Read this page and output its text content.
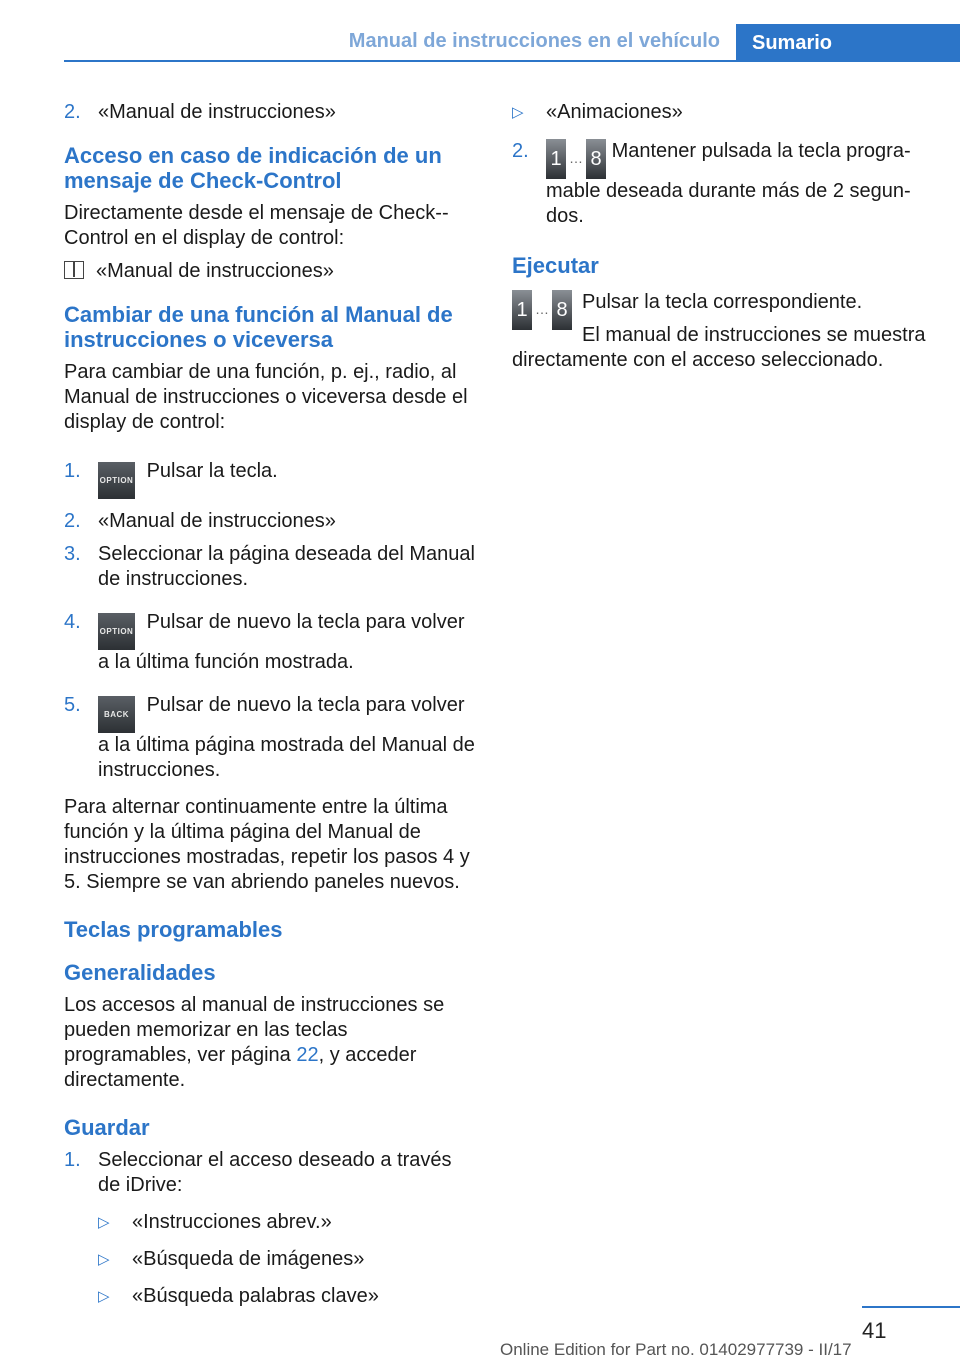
Manual de instrucciones en el vehículo	Sumario
2. «Manual de instrucciones»
Acceso en caso de indicación de un mensaje de Check-Control

Directamente desde el mensaje de Check--Control en el display de control:

«Manual de instrucciones»

Cambiar de una función al Manual de instrucciones o viceversa

Para cambiar de una función, p. ej., radio, al Manual de instrucciones o viceversa desde el display de control:

1. OPTION Pulsar la tecla.
2. «Manual de instrucciones»
3. Seleccionar la página deseada del Manual de instrucciones.
4. OPTION Pulsar de nuevo la tecla para volver a la última función mostrada.
5.	BACK Pulsar de nuevo la tecla para volver a la última página mostrada del Manual de instrucciones.

Para alternar continuamente entre la última función y la última página del Manual de instrucciones mostradas, repetir los pasos 4 y 5. Siempre se van abriendo paneles nuevos.

Teclas programables
Generalidades

Los accesos al manual de instrucciones se pueden memorizar en las teclas programables, ver página 22, y acceder directamente.

Guardar
1. Seleccionar el acceso deseado a través de iDrive:
▷ «Instrucciones abrev.»
▷ «Búsqueda de imágenes»
▷ «Búsqueda palabras clave»
▷ «Animaciones»
2. 1 … 8 Mantener pulsada la tecla progra-mable deseada durante más de 2 segun-dos.
Ejecutar
1 … 8 Pulsar la tecla correspondiente.

El manual de instrucciones se muestra directamente con el acceso seleccionado.

41
Online Edition for Part no. 01402977739 - II/17
